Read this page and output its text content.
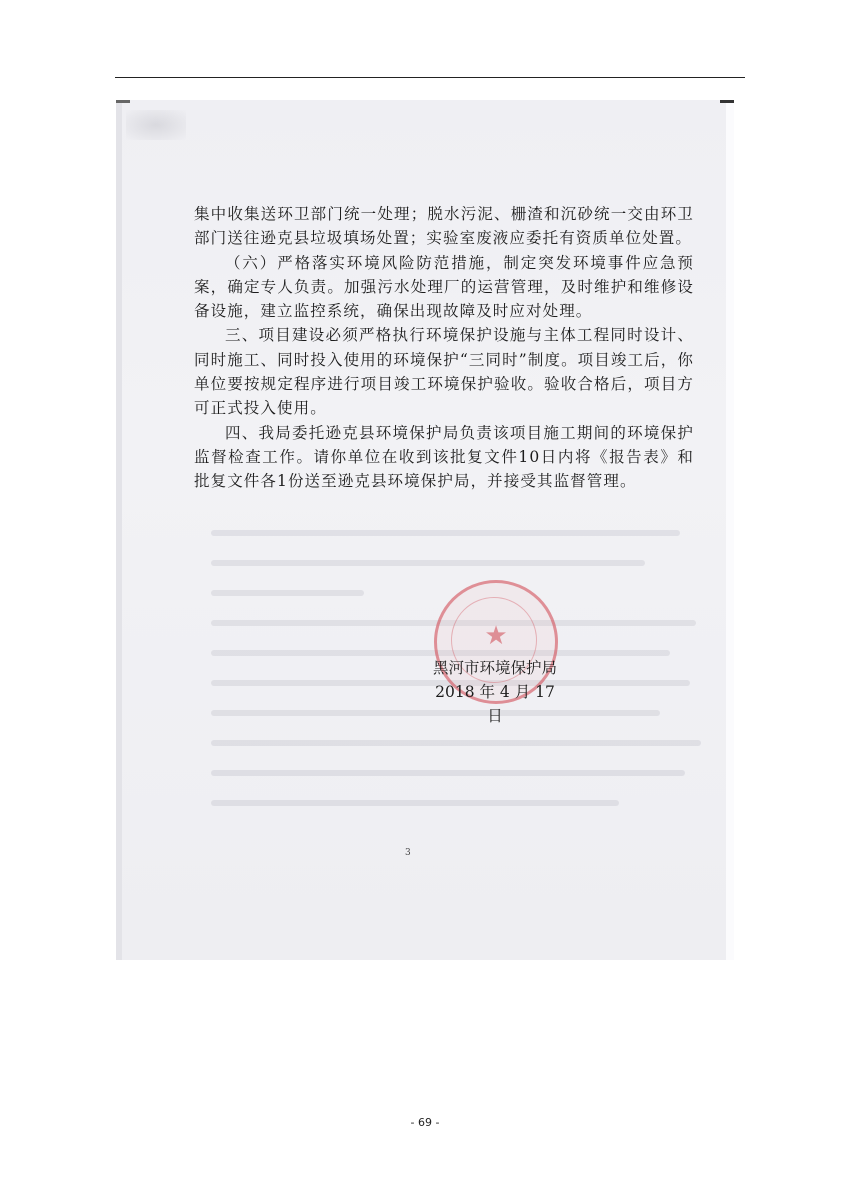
集中收集送环卫部门统一处理；脱水污泥、栅渣和沉砂统一交由环卫部门送往逊克县垃圾填场处置；实验室废液应委托有资质单位处置。

（六）严格落实环境风险防范措施，制定突发环境事件应急预案，确定专人负责。加强污水处理厂的运营管理，及时维护和维修设备设施，建立监控系统，确保出现故障及时应对处理。

三、项目建设必须严格执行环境保护设施与主体工程同时设计、同时施工、同时投入使用的环境保护“三同时”制度。项目竣工后，你单位要按规定程序进行项目竣工环境保护验收。验收合格后，项目方可正式投入使用。

四、我局委托逊克县环境保护局负责该项目施工期间的环境保护监督检查工作。请你单位在收到该批复文件10日内将《报告表》和批复文件各1份送至逊克县环境保护局，并接受其监督管理。

★
黑河市环境保护局
2018 年 4 月 17 日
3
- 69 -
